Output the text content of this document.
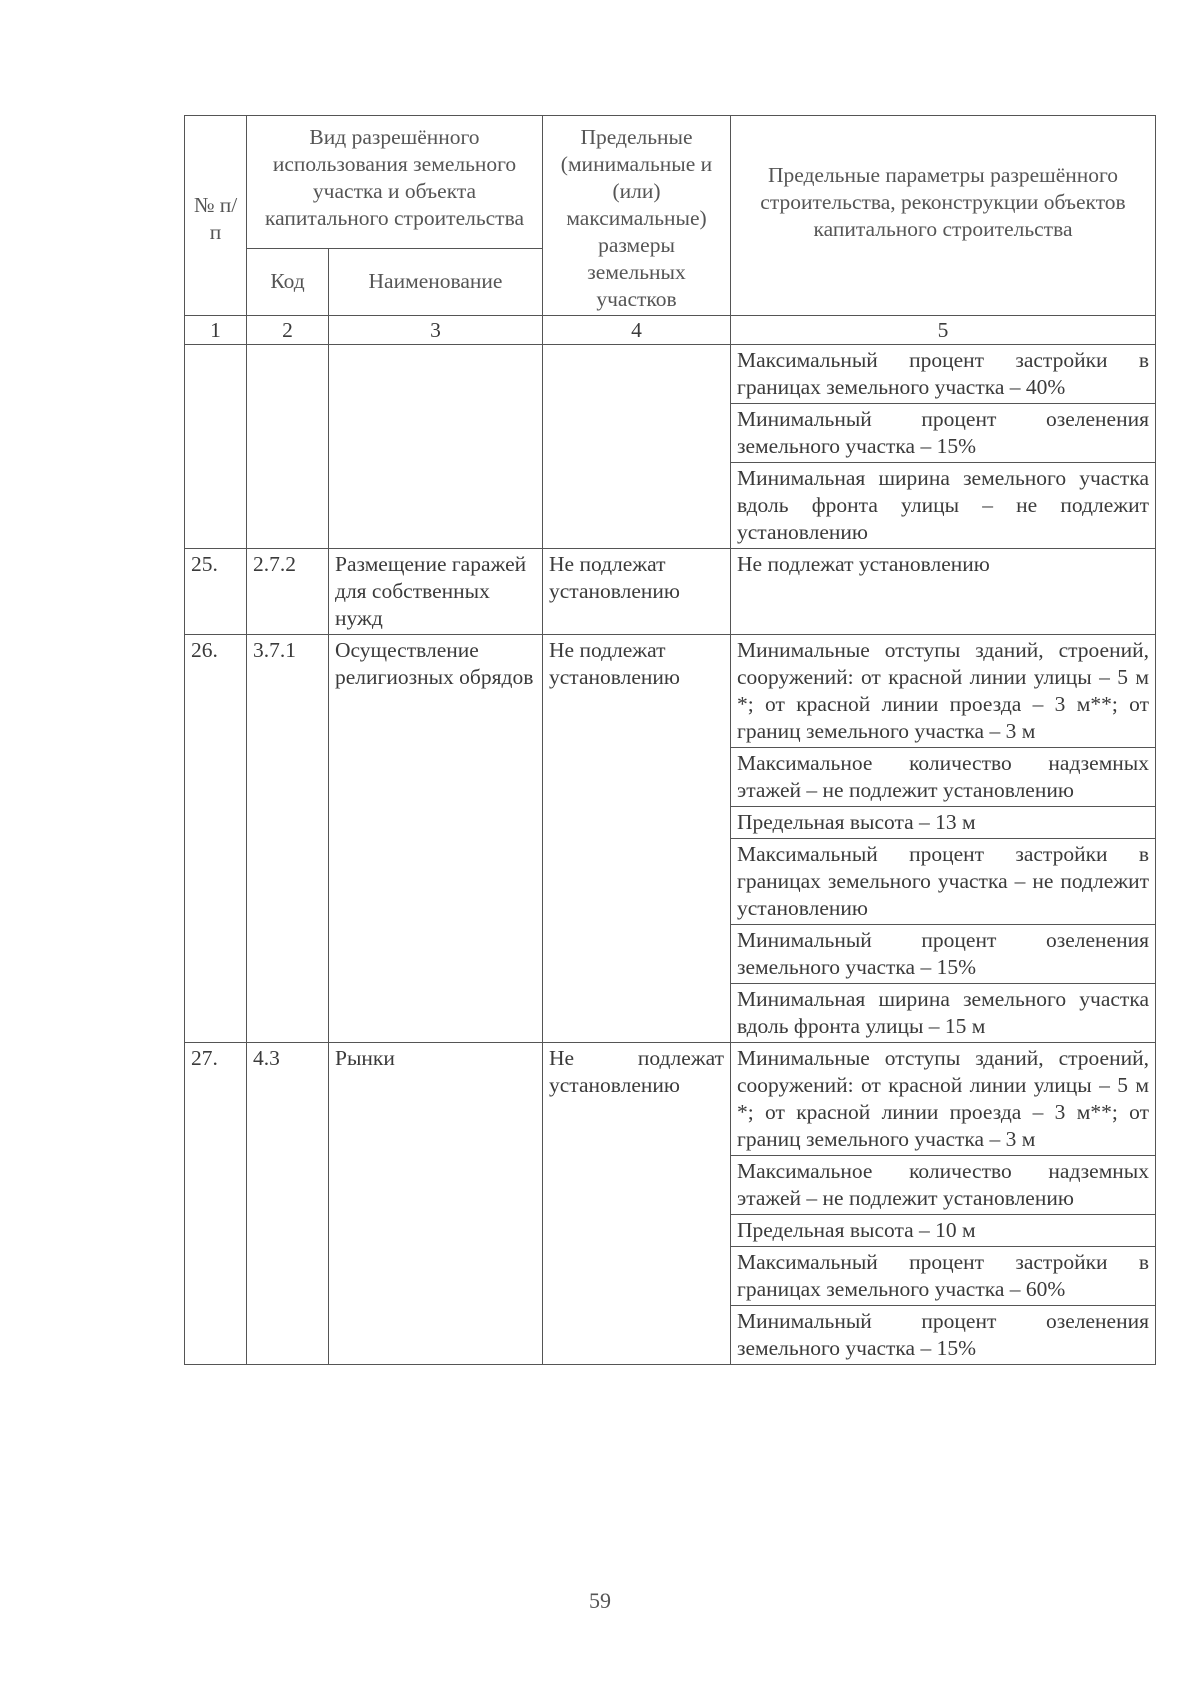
№ п/п	Вид разрешённого использования земельного участка и объекта капитального строительства		Предельные (минимальные и (или) максимальные) размеры земельных участков	Предельные параметры разрешённого строительства, реконструкции объектов капитального строительства
	Код	Наименование		
1	2	3	4	5
				Максимальный процент застройки в границах земельного участка – 40%
				Минимальный процент озеленения земельного участка – 15%
				Минимальная ширина земельного участка вдоль фронта улицы – не подлежит установлению
25.	2.7.2	Размещение гаражей для собственных нужд	Не подлежат установлению	Не подлежат установлению
26.	3.7.1	Осуществление религиозных обрядов	Не подлежат установлению	Минимальные отступы зданий, строений, сооружений: от красной линии улицы – 5 м *; от красной линии проезда – 3 м**; от границ земельного участка – 3 м
				Максимальное количество надземных этажей – не подлежит установлению
				Предельная высота – 13 м
				Максимальный процент застройки в границах земельного участка – не подлежит установлению
				Минимальный процент озеленения земельного участка – 15%
				Минимальная ширина земельного участка вдоль фронта улицы – 15 м
27.	4.3	Рынки	Не подлежат установлению	Минимальные отступы зданий, строений, сооружений: от красной линии улицы – 5 м *; от красной линии проезда – 3 м**; от границ земельного участка – 3 м
				Максимальное количество надземных этажей – не подлежит установлению
				Предельная высота – 10 м
				Максимальный процент застройки в границах земельного участка – 60%
				Минимальный процент озеленения земельного участка – 15%
59
